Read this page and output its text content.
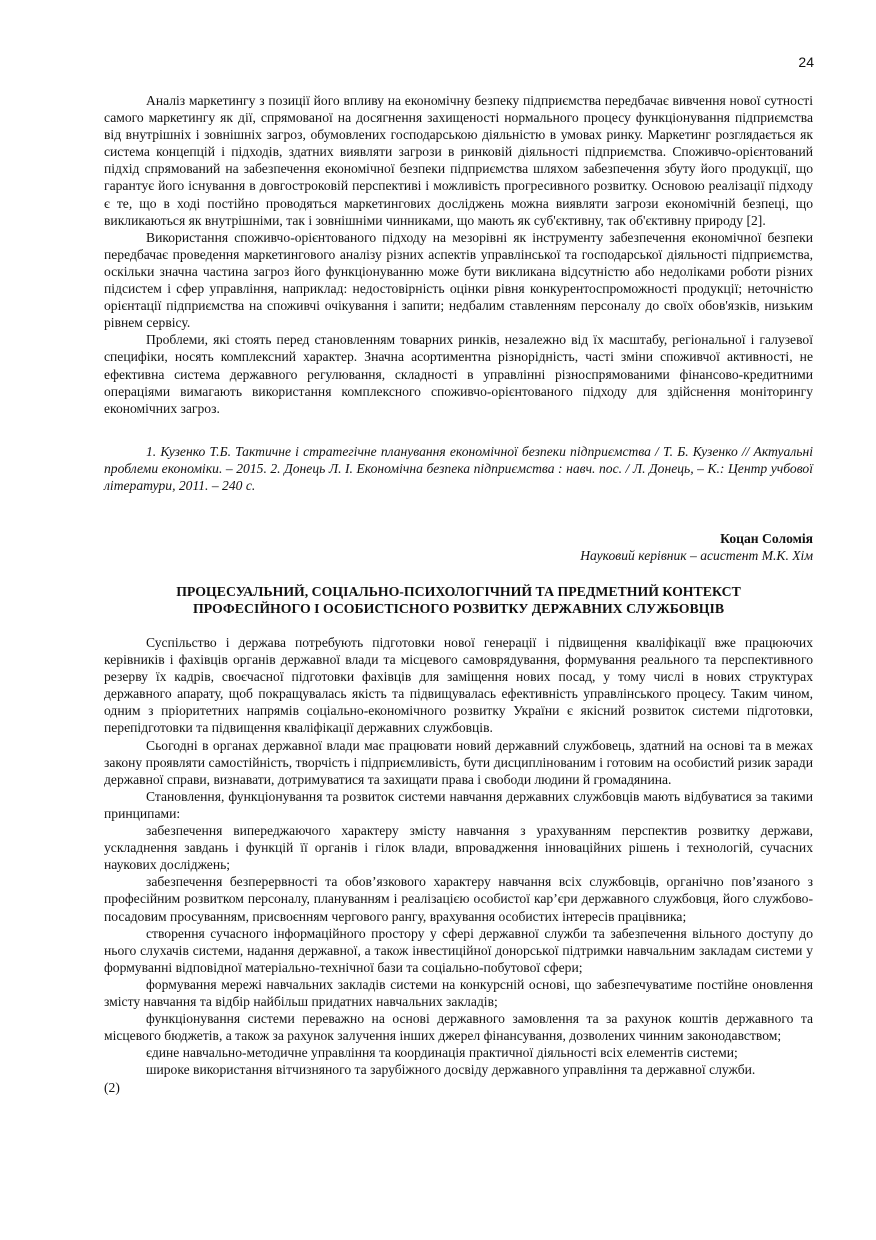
24

Аналіз маркетингу з позиції його впливу на економічну безпеку підприємства передбачає вивчення нової сутності самого маркетингу як дії, спрямованої на досягнення захищеності нормального процесу функціонування підприємства від внутрішніх і зовнішніх загроз, обумовлених господарською діяльністю в умовах ринку. Маркетинг розглядається як система концепцій і підходів, здатних виявляти загрози в ринковій діяльності підприємства. Споживчо-орієнтований підхід спрямований на забезпечення економічної безпеки підприємства шляхом забезпечення збуту його продукції, що гарантує його існування в довгостроковій перспективі і можливість прогресивного розвитку. Основою реалізації підходу є те, що в ході постійно проводяться маркетингових досліджень можна виявляти загрози економічній безпеці, що викликаються як внутрішніми, так і зовнішніми чинниками, що мають як суб'єктивну, так об'єктивну природу [2].

Використання споживчо-орієнтованого підходу на мезорівні як інструменту забезпечення економічної безпеки передбачає проведення маркетингового аналізу різних аспектів управлінської та господарської діяльності підприємства, оскільки значна частина загроз його функціонуванню може бути викликана відсутністю або недоліками роботи різних підсистем і сфер управління, наприклад: недостовірність оцінки рівня конкурентоспроможності продукції; неточністю орієнтації підприємства на споживчі очікування і запити; недбалим ставленням персоналу до своїх обов'язків, низьким рівнем сервісу.

Проблеми, які стоять перед становленням товарних ринків, незалежно від їх масштабу, регіональної і галузевої специфіки, носять комплексний характер. Значна асортиментна різнорідність, часті зміни споживчої активності, не ефективна система державного регулювання, складності в управлінні різноспрямованими фінансово-кредитними операціями вимагають використання комплексного споживчо-орієнтованого підходу для здійснення моніторингу економічних загроз.

1. Кузенко Т.Б. Тактичне і стратегічне планування економічної безпеки підприємства / Т. Б. Кузенко // Актуальні проблеми економіки. – 2015. 2. Донець Л. І. Економічна безпека підприємства : навч. пос. / Л. Донець, – К.: Центр учбової літератури, 2011. – 240 с.

Коцан Соломія

Науковий керівник – асистент М.К. Хім

ПРОЦЕСУАЛЬНИЙ, СОЦІАЛЬНО-ПСИХОЛОГІЧНИЙ ТА ПРЕДМЕТНИЙ КОНТЕКСТ

ПРОФЕСІЙНОГО І ОСОБИСТІСНОГО РОЗВИТКУ ДЕРЖАВНИХ СЛУЖБОВЦІВ

Суспільство і держава потребують підготовки нової генерації і підвищення кваліфікації вже працюючих керівників і фахівців органів державної влади та місцевого самоврядування, формування реального та перспективного резерву їх кадрів, своєчасної підготовки фахівців для заміщення нових посад, у тому числі в нових структурах державного апарату, щоб покращувалась якість та підвищувалась ефективність управлінського процесу. Таким чином, одним з пріоритетних напрямів соціально-економічного розвитку України є якісний розвиток системи підготовки, перепідготовки та підвищення кваліфікації державних службовців.

Сьогодні в органах державної влади має працювати новий державний службовець, здатний на основі та в межах закону проявляти самостійність, творчість і підприємливість, бути дисциплінованим і готовим на особистий ризик заради державної справи, визнавати, дотримуватися та захищати права і свободи людини й громадянина.

Становлення, функціонування та розвиток системи навчання державних службовців мають відбуватися за такими принципами:

забезпечення випереджаючого характеру змісту навчання з урахуванням перспектив розвитку держави, ускладнення завдань і функцій її органів і гілок влади, впровадження інноваційних рішень і технологій, сучасних наукових досліджень;

забезпечення безперервності та обов’язкового характеру навчання всіх службовців, органічно пов’язаного з професійним розвитком персоналу, плануванням і реалізацією особистої кар’єри державного службовця, його службово-посадовим просуванням, присвоєнням чергового рангу, врахування особистих інтересів працівника;

створення сучасного інформаційного простору у сфері державної служби та забезпечення вільного доступу до нього слухачів системи, надання державної, а також інвестиційної донорської підтримки навчальним закладам системи у формуванні відповідної матеріально-технічної бази та соціально-побутової сфери;

формування мережі навчальних закладів системи на конкурсній основі, що забезпечуватиме постійне оновлення змісту навчання та відбір найбільш придатних навчальних закладів;

функціонування системи переважно на основі державного замовлення та за рахунок коштів державного та місцевого бюджетів, а також за рахунок залучення інших джерел фінансування, дозволених чинним законодавством;

єдине навчально-методичне управління та координація практичної діяльності всіх елементів системи;

широке використання вітчизняного та зарубіжного досвіду державного управління та державної служби.

(2)
